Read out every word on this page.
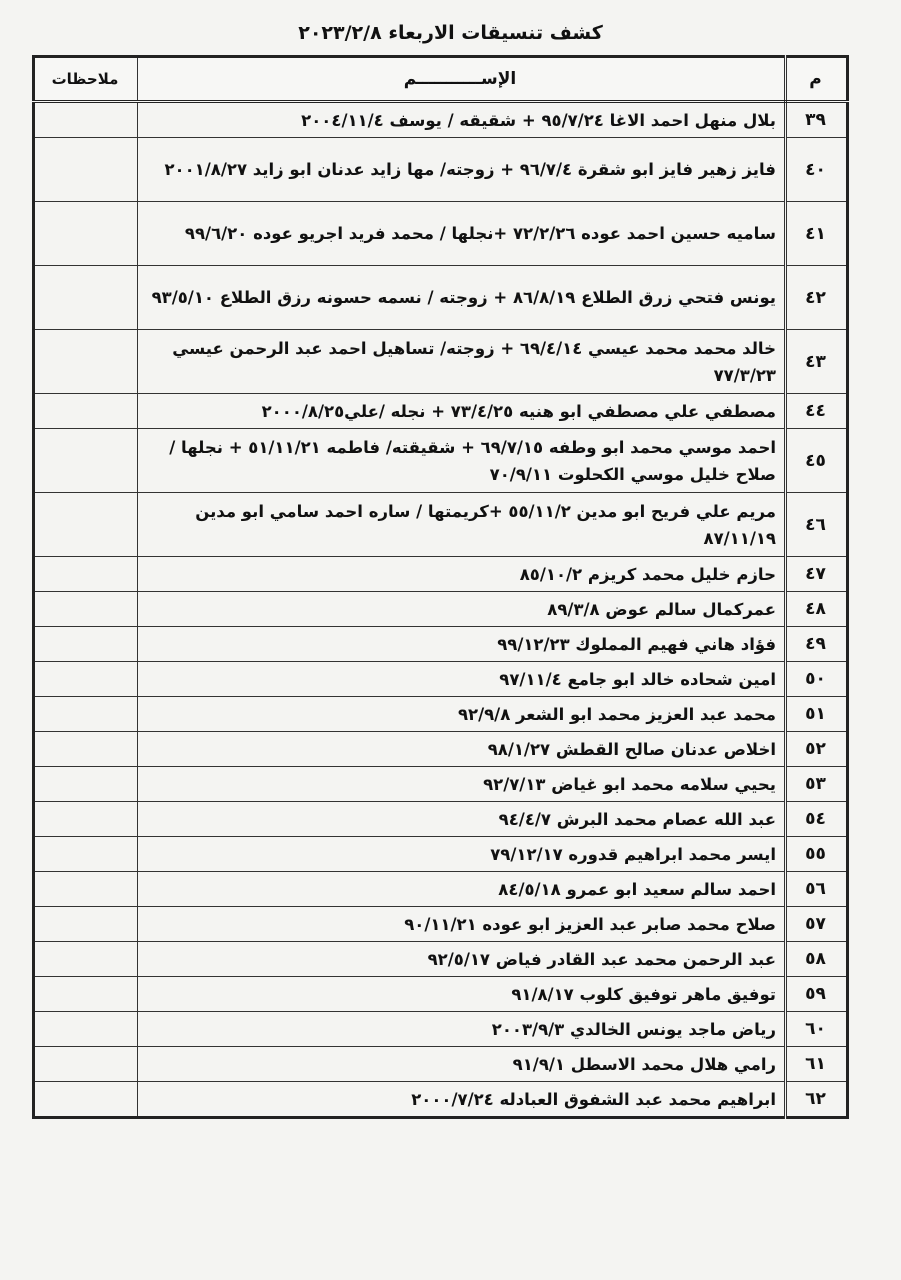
كشف تنسيقات الاربعاء ٢٠٢٣/٢/٨
م	الإســـــــــــم	ملاحظات
٣٩	بلال منهل احمد الاغا ٩٥/٧/٢٤ + شقيقه / يوسف ٢٠٠٤/١١/٤	
٤٠	فايز زهير فايز ابو شقرة ٩٦/٧/٤ + زوجته/ مها زايد عدنان ابو زايد ٢٠٠١/٨/٢٧	
٤١	ساميه حسين احمد عوده ٧٢/٢/٢٦ +نجلها / محمد فريد اجريو عوده ٩٩/٦/٢٠	
٤٢	يونس فتحي زرق الطلاع ٨٦/٨/١٩ + زوجته / نسمه حسونه رزق الطلاع ٩٣/٥/١٠	
٤٣	خالد محمد محمد عيسي ٦٩/٤/١٤ + زوجته/ تساهيل احمد عبد الرحمن عيسي ٧٧/٣/٢٣	
٤٤	مصطفي علي مصطفي ابو هنيه ٧٣/٤/٢٥ + نجله /علي٢٠٠٠/٨/٢٥	
٤٥	احمد موسي محمد ابو وطفه ٦٩/٧/١٥ + شقيقته/ فاطمه ٥١/١١/٢١ + نجلها / صلاح خليل موسي الكحلوت ٧٠/٩/١١	
٤٦	مريم علي فريح ابو مدين ٥٥/١١/٢ +كريمتها / ساره احمد سامي ابو مدين ٨٧/١١/١٩	
٤٧	حازم خليل محمد كريزم ٨٥/١٠/٢	
٤٨	عمركمال سالم عوض ٨٩/٣/٨	
٤٩	فؤاد هاني فهيم المملوك ٩٩/١٢/٢٣	
٥٠	امين شحاده خالد ابو جامع ٩٧/١١/٤	
٥١	محمد عبد العزيز محمد ابو الشعر ٩٢/٩/٨	
٥٢	اخلاص عدنان صالح القطش ٩٨/١/٢٧	
٥٣	يحيي سلامه محمد ابو غياض ٩٢/٧/١٣	
٥٤	عبد الله عصام محمد البرش ٩٤/٤/٧	
٥٥	ايسر محمد ابراهيم قدوره ٧٩/١٢/١٧	
٥٦	احمد سالم سعيد ابو عمرو ٨٤/٥/١٨	
٥٧	صلاح محمد صابر عبد العزيز ابو عوده ٩٠/١١/٢١	
٥٨	عبد الرحمن محمد عبد القادر فياض ٩٢/٥/١٧	
٥٩	توفيق ماهر توفيق كلوب ٩١/٨/١٧	
٦٠	رياض ماجد يونس الخالدي ٢٠٠٣/٩/٣	
٦١	رامي هلال محمد الاسطل ٩١/٩/١	
٦٢	ابراهيم محمد عبد الشفوق العبادله ٢٠٠٠/٧/٢٤	
